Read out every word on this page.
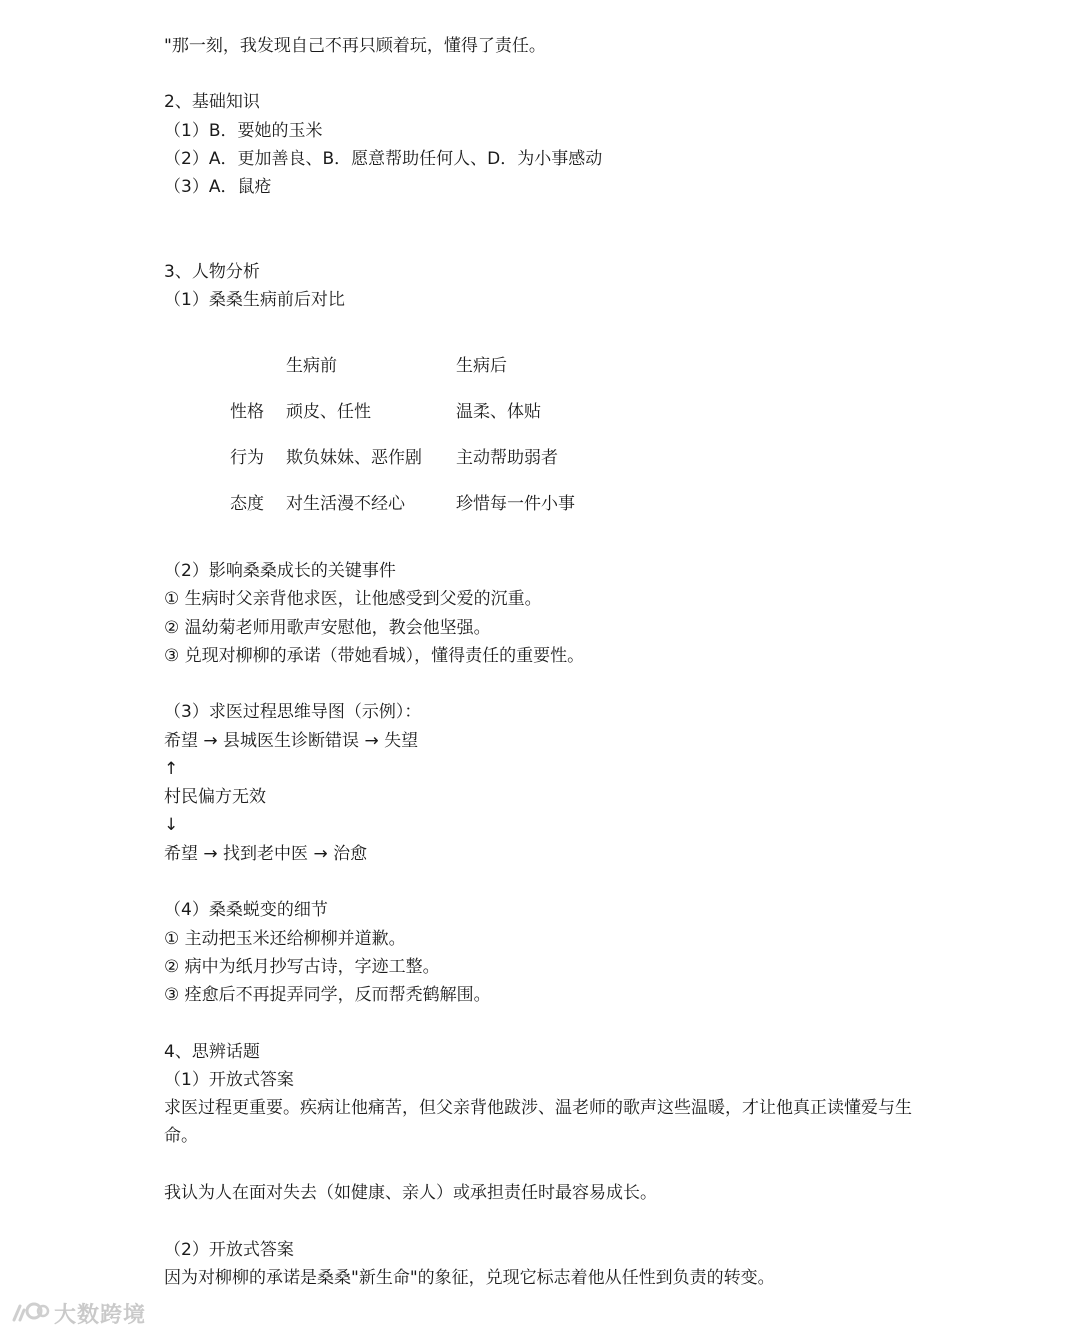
"那一刻，我发现自己不再只顾着玩，懂得了责任。
2、基础知识
（1）B．要她的玉米
（2）A．更加善良、B．愿意帮助任何人、D．为小事感动
（3）A．鼠疮
3、人物分析
（1）桑桑生病前后对比
生病前	生病后
性格 顽皮、任性	温柔、体贴
行为 欺负妹妹、恶作剧 主动帮助弱者
态度 对生活漫不经心	珍惜每一件小事
（2）影响桑桑成长的关键事件
① 生病时父亲背他求医，让他感受到父爱的沉重。
② 温幼菊老师用歌声安慰他，教会他坚强。
③ 兑现对柳柳的承诺（带她看城），懂得责任的重要性。
（3）求医过程思维导图（示例）：
希望 → 县城医生诊断错误 → 失望
↑
村民偏方无效
↓
希望 → 找到老中医 → 治愈
（4）桑桑蜕变的细节
① 主动把玉米还给柳柳并道歉。
② 病中为纸月抄写古诗，字迹工整。
③ 痊愈后不再捉弄同学，反而帮秃鹤解围。
4、思辨话题
（1）开放式答案
求医过程更重要。疾病让他痛苦，但父亲背他跋涉、温老师的歌声这些温暖，才让他真正读懂爱与生命。
我认为人在面对失去（如健康、亲人）或承担责任时最容易成长。
（2）开放式答案
因为对柳柳的承诺是桑桑"新生命"的象征，兑现它标志着他从任性到负责的转变。
大数跨境
